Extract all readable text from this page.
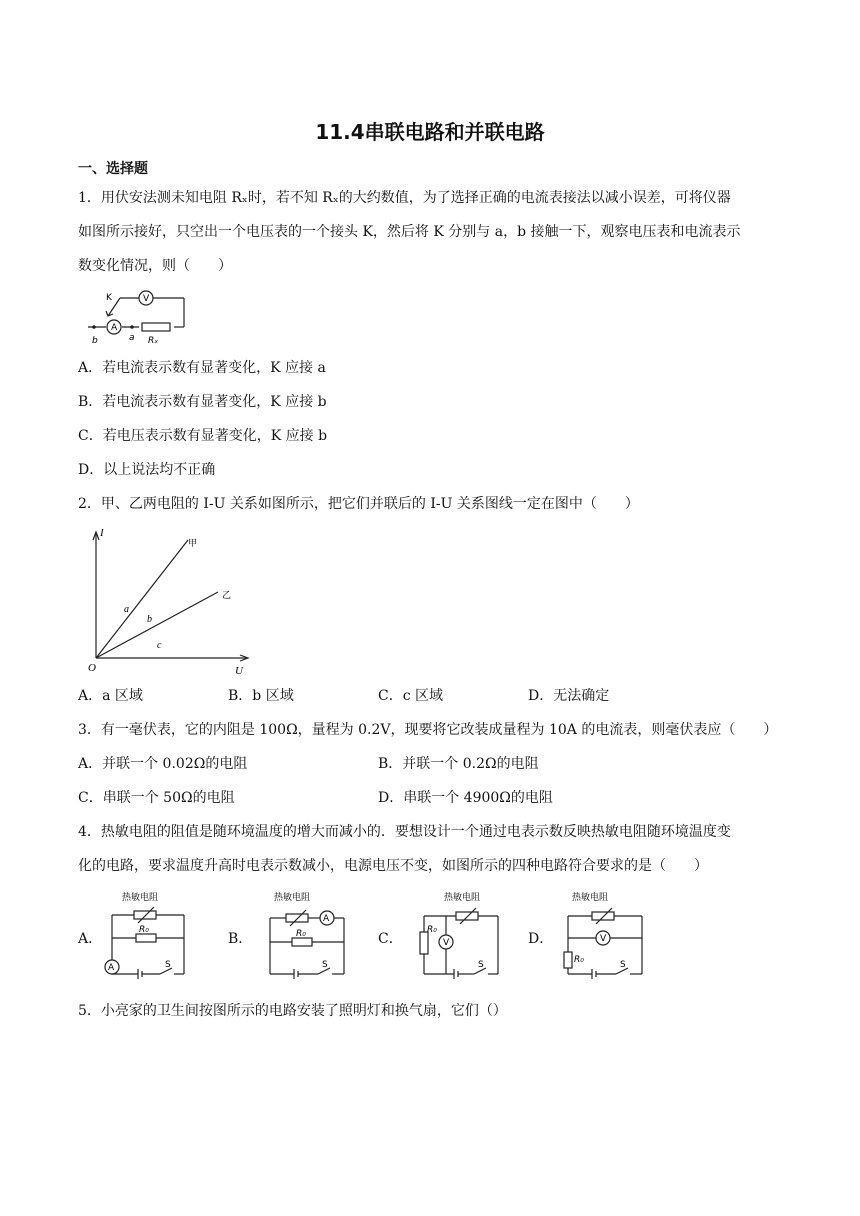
11.4串联电路和并联电路
一、选择题
1．用伏安法测未知电阻 Rₓ时，若不知 Rₓ的大约数值，为了选择正确的电流表接法以减小误差，可将仪器
如图所示接好，只空出一个电压表的一个接头 K，然后将 K 分别与 a，b 接触一下，观察电压表和电流表示
数变化情况，则（　　）
K	V
A
b	a Rₓ
A．若电流表示数有显著变化，K 应接 a
B．若电流表示数有显著变化，K 应接 b
C．若电压表示数有显著变化，K 应接 b
D．以上说法均不正确
2．甲、乙两电阻的 I-U 关系如图所示，把它们并联后的 I-U 关系图线一定在图中（　　）
I
U
O
甲
乙
a
b
c
A．a 区域	B．b 区域	C．c 区域	D．无法确定
3．有一毫伏表，它的内阻是 100Ω，量程为 0.2V，现要将它改装成量程为 10A 的电流表，则毫伏表应（　　）
A．并联一个 0.02Ω的电阻	B．并联一个 0.2Ω的电阻
C．串联一个 50Ω的电阻	D．串联一个 4900Ω的电阻
4．热敏电阻的阻值是随环境温度的增大而减小的．要想设计一个通过电表示数反映热敏电阻随环境温度变
化的电路，要求温度升高时电表示数减小，电源电压不变，如图所示的四种电路符合要求的是（　　）
A．	B．	C．	D．
热敏电阻
R₀
A	S
热敏电阻
A
R₀
S
热敏电阻
R₀
V
S
热敏电阻
V
R₀	S
5．小亮家的卫生间按图所示的电路安装了照明灯和换气扇，它们（）
